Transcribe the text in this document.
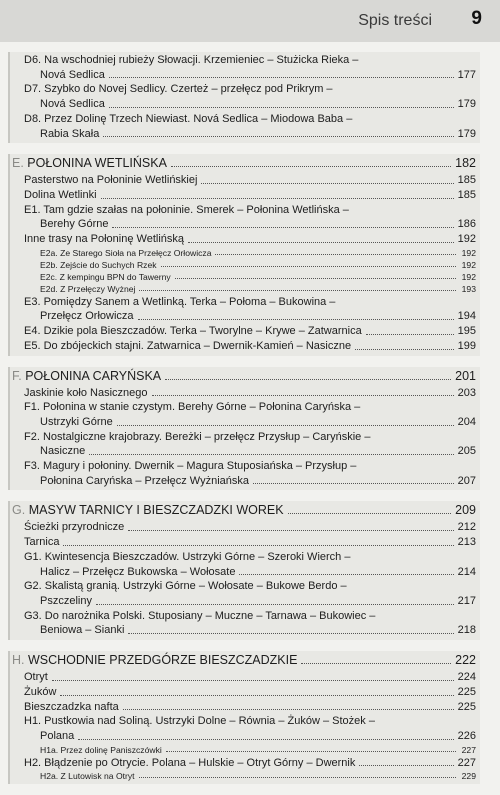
Spis treści 9
D6. Na wschodniej rubieży Słowacji. Krzemieniec – Stużicka Rieka –
Nová Sedlica	177
D7. Szybko do Novej Sedlicy. Czerteż – przełęcz pod Prikrym –
Nová Sedlica	179
D8. Przez Dolinę Trzech Niewiast. Nová Sedlica – Miodowa Baba –
Rabia Skała	179
E. POŁONINA WETLIŃSKA	182
Pasterstwo na Połoninie Wetlińskiej	185
Dolina Wetlinki	185
E1. Tam gdzie szałas na połoninie. Smerek – Połonina Wetlińska –
Berehy Górne	186
Inne trasy na Połoninę Wetlińską	192
E2a. Ze Starego Sioła na Przełęcz Orłowicza	192
E2b. Zejście do Suchych Rzek	192
E2c. Z kempingu BPN do Tawerny	192
E2d. Z Przełęczy Wyżnej	193
E3. Pomiędzy Sanem a Wetlinką. Terka – Połoma – Bukowina –
Przełęcz Orłowicza	194
E4. Dzikie pola Bieszczadów. Terka – Tworylne – Krywe – Zatwarnica	195
E5. Do zbójeckich stajni. Zatwarnica – Dwernik-Kamień – Nasiczne	199
F. POŁONINA CARYŃSKA	201
Jaskinie koło Nasicznego	203
F1. Połonina w stanie czystym. Berehy Górne – Połonina Caryńska –
Ustrzyki Górne	204
F2. Nostalgiczne krajobrazy. Bereżki – przełęcz Przysłup – Caryńskie –
Nasiczne	205
F3. Magury i połoniny. Dwernik – Magura Stuposiańska – Przysłup –
Połonina Caryńska – Przełęcz Wyżniańska	207
G. MASYW TARNICY I BIESZCZADZKI WOREK	209
Ścieżki przyrodnicze	212
Tarnica	213
G1. Kwintesencja Bieszczadów. Ustrzyki Górne – Szeroki Wierch –
Halicz – Przełęcz Bukowska – Wołosate	214
G2. Skalistą granią. Ustrzyki Górne – Wołosate – Bukowe Berdo –
Pszczeliny	217
G3. Do narożnika Polski. Stuposiany – Muczne – Tarnawa – Bukowiec –
Beniowa – Sianki	218
H. WSCHODNIE PRZEDGÓRZE BIESZCZADZKIE	222
Otryt	224
Żuków	225
Bieszczadzka nafta	225
H1. Pustkowia nad Soliną. Ustrzyki Dolne – Równia – Żuków – Stożek –
Polana	226
H1a. Przez dolinę Paniszczówki	227
H2. Błądzenie po Otrycie. Polana – Hulskie – Otryt Górny – Dwernik	227
H2a. Z Lutowisk na Otryt	229
